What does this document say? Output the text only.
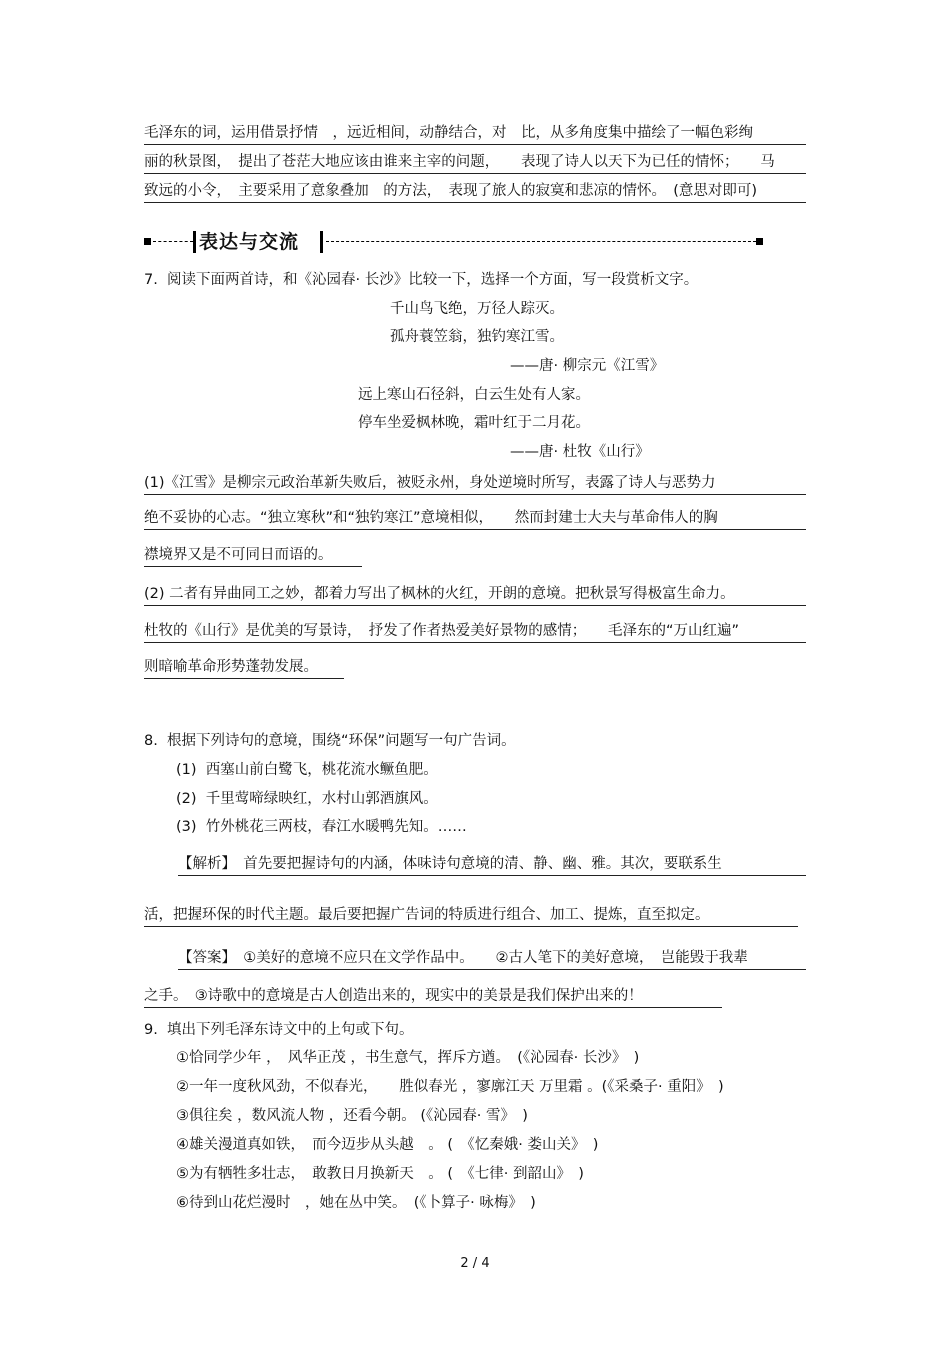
毛泽东的词，运用借景抒情　，远近相间，动静结合，对　比，从多角度集中描绘了一幅色彩绚
丽的秋景图，　提出了苍茫大地应该由谁来主宰的问题，　　表现了诗人以天下为已任的情怀；　　马
致远的小令，　主要采用了意象叠加　的方法，　表现了旅人的寂寞和悲凉的情怀。　(意思对即可)
表达与交流
7.  阅读下面两首诗，和《沁园春· 长沙》比较一下，选择一个方面，写一段赏析文字。
千山鸟飞绝，万径人踪灭。
孤舟蓑笠翁，独钓寒江雪。
——唐· 柳宗元《江雪》
远上寒山石径斜，白云生处有人家。
停车坐爱枫林晚，霜叶红于二月花。
——唐· 杜牧《山行》
(1)《江雪》是柳宗元政治革新失败后，被贬永州，身处逆境时所写，表露了诗人与恶势力
绝不妥协的心志。“独立寒秋”和“独钓寒江”意境相似，　　然而封建士大夫与革命伟人的胸
襟境界又是不可同日而语的。
(2) 二者有异曲同工之妙，都着力写出了枫林的火红，开朗的意境。把秋景写得极富生命力。
杜牧的《山行》是优美的写景诗，　抒发了作者热爱美好景物的感情；　　毛泽东的“万山红遍”
则暗喻革命形势蓬勃发展。
8.  根据下列诗句的意境，围绕“环保”问题写一句广告词。
(1)  西塞山前白鹭飞，桃花流水鳜鱼肥。
(2)  千里莺啼绿映红，水村山郭酒旗风。
(3)  竹外桃花三两枝，春江水暖鸭先知。……
【解析】　首先要把握诗句的内涵，体味诗句意境的清、静、幽、雅。其次，要联系生
活，把握环保的时代主题。最后要把握广告词的特质进行组合、加工、提炼，直至拟定。
【答案】　①美好的意境不应只在文学作品中。　　②古人笔下的美好意境，　岂能毁于我辈
之手。　③诗歌中的意境是古人创造出来的，现实中的美景是我们保护出来的！
9.  填出下列毛泽东诗文中的上句或下句。
①恰同学少年 ，　风华正茂 ，书生意气，挥斥方遒。　(《沁园春· 长沙》　)
②一年一度秋风劲，不似春光，　　胜似春光 ，寥廓江天 万里霜 。(《采桑子· 重阳》　)
③俱往矣 ，数风流人物 ，还看今朝。 (《沁园春· 雪》　)
④雄关漫道真如铁，　而今迈步从头越　。 (　《忆秦娥· 娄山关》　)
⑤为有牺牲多壮志，　敢教日月换新天　。 (　《七律· 到韶山》　)
⑥待到山花烂漫时　，她在丛中笑。　(《卜算子· 咏梅》　)
2 / 4
